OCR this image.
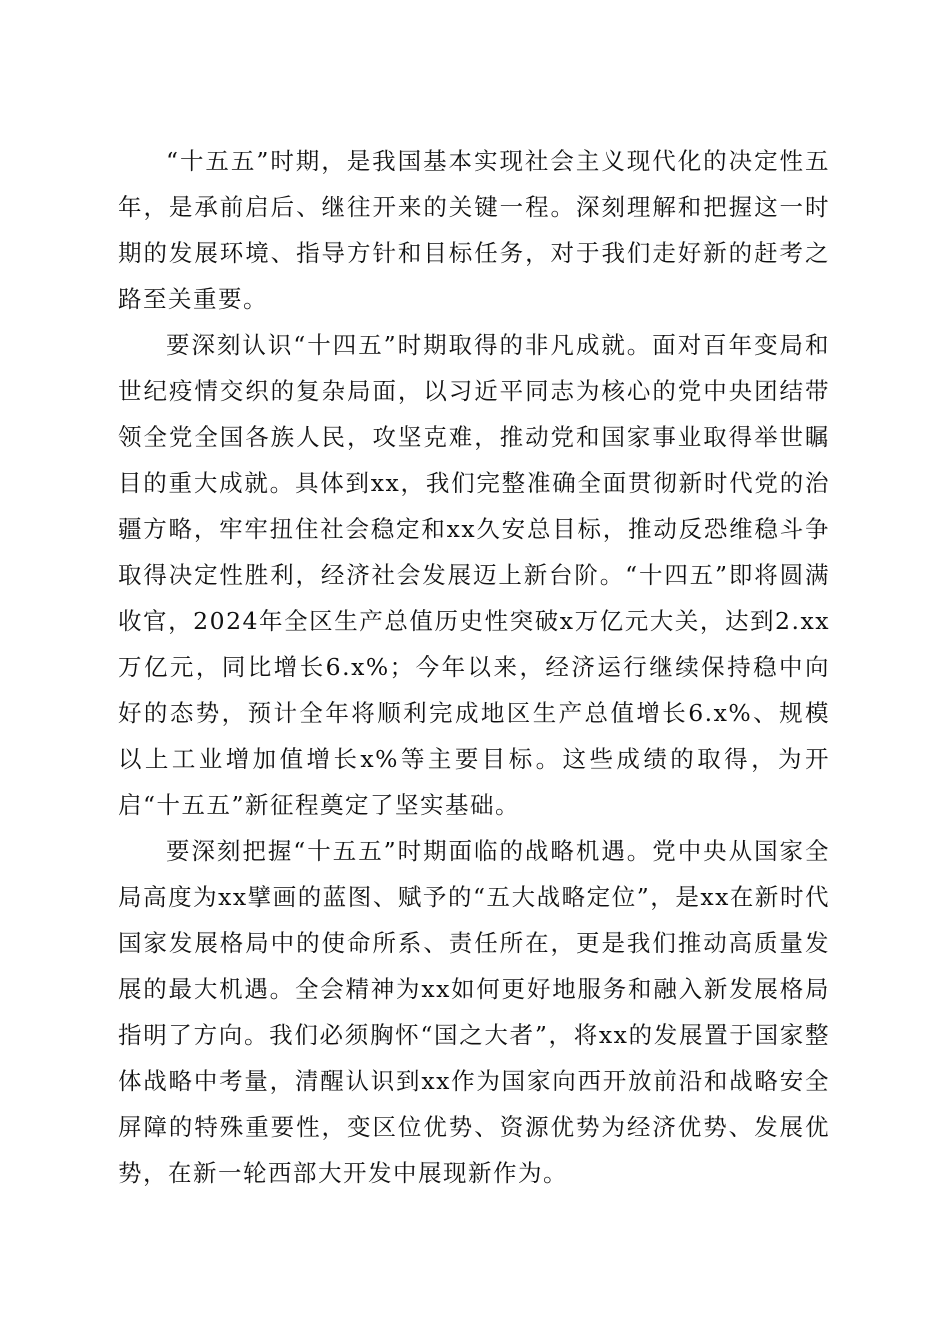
“十五五”时期，是我国基本实现社会主义现代化的决定性五年，是承前启后、继往开来的关键一程。深刻理解和把握这一时期的发展环境、指导方针和目标任务，对于我们走好新的赶考之路至关重要。

要深刻认识“十四五”时期取得的非凡成就。面对百年变局和世纪疫情交织的复杂局面，以习近平同志为核心的党中央团结带领全党全国各族人民，攻坚克难，推动党和国家事业取得举世瞩目的重大成就。具体到xx，我们完整准确全面贯彻新时代党的治疆方略，牢牢扭住社会稳定和xx久安总目标，推动反恐维稳斗争取得决定性胜利，经济社会发展迈上新台阶。“十四五”即将圆满收官，2024年全区生产总值历史性突破x万亿元大关，达到2.xx万亿元，同比增长6.x%；今年以来，经济运行继续保持稳中向好的态势，预计全年将顺利完成地区生产总值增长6.x%、规模以上工业增加值增长x%等主要目标。这些成绩的取得，为开启“十五五”新征程奠定了坚实基础。

要深刻把握“十五五”时期面临的战略机遇。党中央从国家全局高度为xx擘画的蓝图、赋予的“五大战略定位”，是xx在新时代国家发展格局中的使命所系、责任所在，更是我们推动高质量发展的最大机遇。全会精神为xx如何更好地服务和融入新发展格局指明了方向。我们必须胸怀“国之大者”，将xx的发展置于国家整体战略中考量，清醒认识到xx作为国家向西开放前沿和战略安全屏障的特殊重要性，变区位优势、资源优势为经济优势、发展优势，在新一轮西部大开发中展现新作为。
